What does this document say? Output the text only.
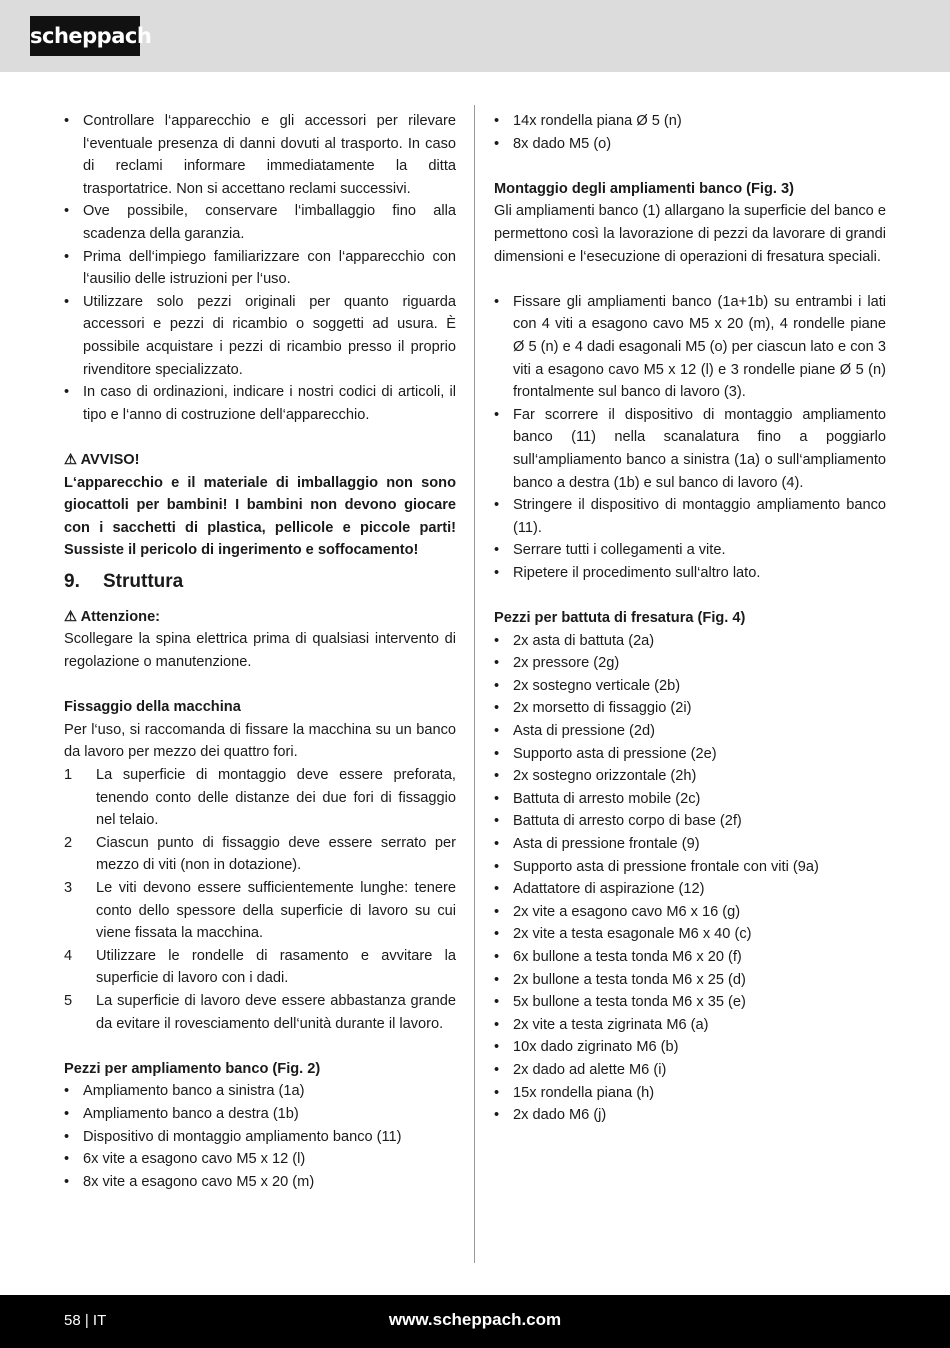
scheppach
• Controllare l‘apparecchio e gli accessori per rilevare l‘eventuale presenza di danni dovuti al trasporto. In caso di reclami informare immediatamente la ditta trasportatrice. Non si accettano reclami successivi.
• Ove possibile, conservare l‘imballaggio fino alla scadenza della garanzia.
• Prima dell‘impiego familiarizzare con l‘apparecchio con l‘ausilio delle istruzioni per l‘uso.
• Utilizzare solo pezzi originali per quanto riguarda accessori e pezzi di ricambio o soggetti ad usura. È possibile acquistare i pezzi di ricambio presso il proprio rivenditore specializzato.
• In caso di ordinazioni, indicare i nostri codici di articoli, il tipo e l‘anno di costruzione dell‘apparecchio.

⚠ AVVISO!

L‘apparecchio e il materiale di imballaggio non sono giocattoli per bambini! I bambini non devono giocare con i sacchetti di plastica, pellicole e piccole parti! Sussiste il pericolo di ingerimento e soffocamento!

9. Struttura

⚠ Attenzione:

Scollegare la spina elettrica prima di qualsiasi intervento di regolazione o manutenzione.

Fissaggio della macchina

Per l‘uso, si raccomanda di fissare la macchina su un banco da lavoro per mezzo dei quattro fori.

1 La superficie di montaggio deve essere preforata, tenendo conto delle distanze dei due fori di fissaggio nel telaio.
2 Ciascun punto di fissaggio deve essere serrato per mezzo di viti (non in dotazione).
3 Le viti devono essere sufficientemente lunghe: tenere conto dello spessore della superficie di lavoro su cui viene fissata la macchina.
4 Utilizzare le rondelle di rasamento e avvitare la superficie di lavoro con i dadi.
5 La superficie di lavoro deve essere abbastanza grande da evitare il rovesciamento dell‘unità durante il lavoro.

Pezzi per ampliamento banco (Fig. 2)

• Ampliamento banco a sinistra (1a)
• Ampliamento banco a destra (1b)
• Dispositivo di montaggio ampliamento banco (11)
• 6x vite a esagono cavo M5 x 12 (l)
• 8x vite a esagono cavo M5 x 20 (m)
• 14x rondella piana Ø 5 (n)
• 8x dado M5 (o)

Montaggio degli ampliamenti banco (Fig. 3)

Gli ampliamenti banco (1) allargano la superficie del banco e permettono così la lavorazione di pezzi da lavorare di grandi dimensioni e l‘esecuzione di operazioni di fresatura speciali.

• Fissare gli ampliamenti banco (1a+1b) su entrambi i lati con 4 viti a esagono cavo M5 x 20 (m), 4 rondelle piane Ø 5 (n) e 4 dadi esagonali M5 (o) per ciascun lato e con 3 viti a esagono cavo M5 x 12 (l) e 3 rondelle piane Ø 5 (n) frontalmente sul banco di lavoro (3).
• Far scorrere il dispositivo di montaggio ampliamento banco (11) nella scanalatura fino a poggiarlo sull‘ampliamento banco a sinistra (1a) o sull‘ampliamento banco a destra (1b) e sul banco di lavoro (4).
• Stringere il dispositivo di montaggio ampliamento banco (11).
• Serrare tutti i collegamenti a vite.
• Ripetere il procedimento sull‘altro lato.

Pezzi per battuta di fresatura (Fig. 4)

• 2x asta di battuta (2a)
• 2x pressore (2g)
• 2x sostegno verticale (2b)
• 2x morsetto di fissaggio (2i)
• Asta di pressione (2d)
• Supporto asta di pressione (2e)
• 2x sostegno orizzontale (2h)
• Battuta di arresto mobile (2c)
• Battuta di arresto corpo di base (2f)
• Asta di pressione frontale (9)
• Supporto asta di pressione frontale con viti (9a)
• Adattatore di aspirazione (12)
• 2x vite a esagono cavo M6 x 16 (g)
• 2x vite a testa esagonale M6 x 40 (c)
• 6x bullone a testa tonda M6 x 20 (f)
• 2x bullone a testa tonda M6 x 25 (d)
• 5x bullone a testa tonda M6 x 35 (e)
• 2x vite a testa zigrinata M6 (a)
• 10x dado zigrinato M6 (b)
• 2x dado ad alette M6 (i)
• 15x rondella piana (h)
• 2x dado M6 (j)
58 | IT	www.scheppach.com
